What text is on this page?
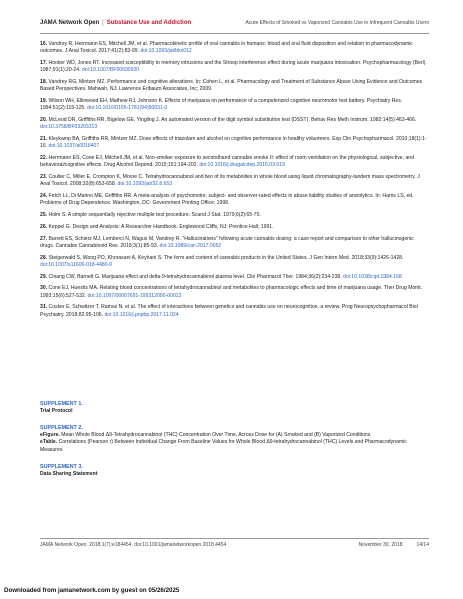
JAMA Network Open | Substance Use and Addiction	Acute Effects of Smoked vs Vaporized Cannabis Use in Infrequent Cannabis Users
16. Vandrey R, Herrmann ES, Mitchell JM, et al. Pharmacokinetic profile of oral cannabis in humans: blood and oral fluid disposition and relation to pharmacodynamic outcomes. J Anal Toxicol. 2017;41(2):83-99. doi:10.1093/jat/bkx012
17. Hooker WD, Jones RT. Increased susceptibility to memory intrusions and the Stroop interference effect during acute marijuana intoxication. Psychopharmacology (Berl). 1987;91(1):20-24. doi:10.1007/BF00690920
18. Vandrey RG, Mintzer MZ. Performance and cognitive alterations. In: Cohen L, et al. Pharmacology and Treatment of Substance Abuse Using Evidence and Outcomes Based Perspectives. Mahwah, NJ: Lawrence Erlbaum Associates, Inc; 2009.
19. Wilson WH, Ellinwood EH, Mathew RJ, Johnson K. Effects of marijuana on performance of a computerized cognitive neuromotor test battery. Psychiatry Res. 1994;51(2):115-125. doi:10.1016/0165-1781(94)90031-0
20. McLeod DR, Griffiths RR, Bigelow GE, Yingling J. An automated version of the digit symbol substitution test (DSST). Behav Res Meth Instrum. 1982;14(5):463-466. doi:10.3758/BF03203313
21. Kleykamp BA, Griffiths RR, Mintzer MZ. Dose effects of triazolam and alcohol on cognitive performance in healthy volunteers. Exp Clin Psychopharmacol. 2010;18(1):1-16. doi:10.1037/a0018407
22. Herrmann ES, Cone EJ, Mitchell JM, et al. Non-smoker exposure to secondhand cannabis smoke II: effect of room ventilation on the physiological, subjective, and behavioral/cognitive effects. Drug Alcohol Depend. 2015;151:194-202. doi:10.1016/j.drugalcdep.2015.03.019
23. Coulter C, Miller E, Crompton K, Moore C. Tetrahydrocannabinol and two of its metabolites in whole blood using liquid chromatography-tandem mass spectrometry. J Anal Toxicol. 2008;32(8):653-658. doi:10.1093/jat/32.8.653
24. Fetch LL, Di Marino ME, Griffiths RR. A meta-analysis of psychomotor, subject- and observer-rated effects in abuse liability studies of anxiolytics. In: Harris LS, ed. Problems of Drug Dependence. Washington, DC: Government Printing Office; 1998.
25. Holm S. A simple sequentially rejective multiple test procedure. Scand J Stat. 1979;6(2):65-70.
26. Keppel G. Design and Analysis: A Researcher Handbook. Englewood Cliffs, NJ: Prentice Hall; 1991.
27. Barrett ES, Schierz MJ, Lemberci N, Wagus M, Vandrey R. "Hallucinations" following acute cannabis dosing: a case report and comparison to other hallucinogenic drugs. Cannabis Cannabinoid Res. 2018;3(1):85-93. doi:10.1089/can.2017.0052
28. Steigerwald S, Wong PO, Khorasani A, Keyhani S. The form and content of cannabis products in the United States. J Gen Intern Med. 2018;33(9):1426-1428. doi:10.1007/s11606-018-4480-0
29. Chiang CW, Barnett G. Marijuana effect and delta-9-tetrahydrocannabinol plasma level. Clin Pharmacol Ther. 1984;36(2):234-238. doi:10.1038/clpt.1984.168
30. Cone EJ, Huestis MA. Relating blood concentrations of tetrahydrocannabinol and metabolites to pharmacologic effects and time of marijuana usage. Ther Drug Monit. 1993;15(6):527-532. doi:10.1097/00007691-199312000-00013
31. Cosker E, Schwitzer T, Ramoz N, et al. The effect of interactions between genetics and cannabis use on neurocognition. a review. Prog Neuropsychopharmacol Biol Psychiatry. 2018;82:95-106. doi:10.1016/j.pnpbp.2017.11.024
SUPPLEMENT 1.
Trial Protocol
SUPPLEMENT 2.
eFigure. Mean Whole Blood Δ9-Tetrahydrocannabinol (THC) Concentration Over Time, Across Dose for (A) Smoked and (B) Vaporized Conditions
eTable. Correlations (Pearson r) Between Individual Change From Baseline Values for Whole Blood Δ9-tetrahydrocannabinol (THC) Levels and Pharmacodynamic Measures
SUPPLEMENT 3.
Data Sharing Statement
JAMA Network Open. 2018;1(7):e184454. doi:10.1001/jamanetworkopen.2018.4454	November 30, 2018	14/14
Downloaded from jamanetwork.com by guest on 05/26/2025
